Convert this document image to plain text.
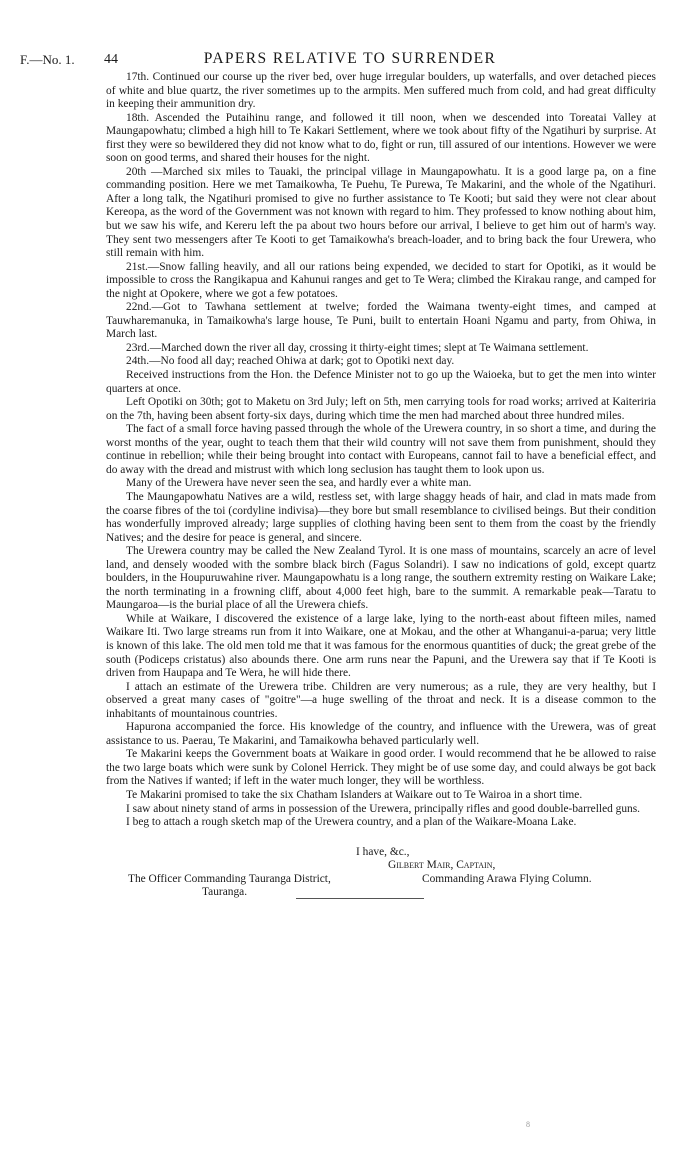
F.—No. 1. 44	PAPERS RELATIVE TO SURRENDER

17th. Continued our course up the river bed, over huge irregular boulders, up waterfalls, and over detached pieces of white and blue quartz, the river sometimes up to the armpits. Men suffered much from cold, and had great difficulty in keeping their ammunition dry.

18th. Ascended the Putaihinu range, and followed it till noon, when we descended into Toreatai Valley at Maungapowhatu; climbed a high hill to Te Kakari Settlement, where we took about fifty of the Ngatihuri by surprise. At first they were so bewildered they did not know what to do, fight or run, till assured of our intentions. However we were soon on good terms, and shared their houses for the night.

20th —Marched six miles to Tauaki, the principal village in Maungapowhatu. It is a good large pa, on a fine commanding position. Here we met Tamaikowha, Te Puehu, Te Purewa, Te Makarini, and the whole of the Ngatihuri. After a long talk, the Ngatihuri promised to give no further assistance to Te Kooti; but said they were not clear about Kereopa, as the word of the Government was not known with regard to him. They professed to know nothing about him, but we saw his wife, and Kereru left the pa about two hours before our arrival, I believe to get him out of harm's way. They sent two messengers after Te Kooti to get Tamaikowha's breach-loader, and to bring back the four Urewera, who still remain with him.

21st.—Snow falling heavily, and all our rations being expended, we decided to start for Opotiki, as it would be impossible to cross the Rangikapua and Kahunui ranges and get to Te Wera; climbed the Kirakau range, and camped for the night at Opokere, where we got a few potatoes.

22nd.—Got to Tawhana settlement at twelve; forded the Waimana twenty-eight times, and camped at Tauwharemanuka, in Tamaikowha's large house, Te Puni, built to entertain Hoani Ngamu and party, from Ohiwa, in March last.

23rd.—Marched down the river all day, crossing it thirty-eight times; slept at Te Waimana settlement.

24th.—No food all day; reached Ohiwa at dark; got to Opotiki next day.

Received instructions from the Hon. the Defence Minister not to go up the Waioeka, but to get the men into winter quarters at once.

Left Opotiki on 30th; got to Maketu on 3rd July; left on 5th, men carrying tools for road works; arrived at Kaiteriria on the 7th, having been absent forty-six days, during which time the men had marched about three hundred miles.

The fact of a small force having passed through the whole of the Urewera country, in so short a time, and during the worst months of the year, ought to teach them that their wild country will not save them from punishment, should they continue in rebellion; while their being brought into contact with Europeans, cannot fail to have a beneficial effect, and do away with the dread and mistrust with which long seclusion has taught them to look upon us.

Many of the Urewera have never seen the sea, and hardly ever a white man.

The Maungapowhatu Natives are a wild, restless set, with large shaggy heads of hair, and clad in mats made from the coarse fibres of the toi (cordyline indivisa)—they bore but small resemblance to civilised beings. But their condition has wonderfully improved already; large supplies of clothing having been sent to them from the coast by the friendly Natives; and the desire for peace is general, and sincere.

The Urewera country may be called the New Zealand Tyrol. It is one mass of mountains, scarcely an acre of level land, and densely wooded with the sombre black birch (Fagus Solandri). I saw no indications of gold, except quartz boulders, in the Houpuruwahine river. Maungapowhatu is a long range, the southern extremity resting on Waikare Lake; the north terminating in a frowning cliff, about 4,000 feet high, bare to the summit. A remarkable peak—Taratu to Maungaroa—is the burial place of all the Urewera chiefs.

While at Waikare, I discovered the existence of a large lake, lying to the north-east about fifteen miles, named Waikare Iti. Two large streams run from it into Waikare, one at Mokau, and the other at Whanganui-a-parua; very little is known of this lake. The old men told me that it was famous for the enormous quantities of duck; the great grebe of the south (Podiceps cristatus) also abounds there. One arm runs near the Papuni, and the Urewera say that if Te Kooti is driven from Haupapa and Te Wera, he will hide there.

I attach an estimate of the Urewera tribe. Children are very numerous; as a rule, they are very healthy, but I observed a great many cases of "goitre"—a huge swelling of the throat and neck. It is a disease common to the inhabitants of mountainous countries.

Hapurona accompanied the force. His knowledge of the country, and influence with the Urewera, was of great assistance to us. Paerau, Te Makarini, and Tamaikowha behaved particularly well.

Te Makarini keeps the Government boats at Waikare in good order. I would recommend that he be allowed to raise the two large boats which were sunk by Colonel Herrick. They might be of use some day, and could always be got back from the Natives if wanted; if left in the water much longer, they will be worthless.

Te Makarini promised to take the six Chatham Islanders at Waikare out to Te Wairoa in a short time.

I saw about ninety stand of arms in possession of the Urewera, principally rifles and good double-barrelled guns.

I beg to attach a rough sketch map of the Urewera country, and a plan of the Waikare-Moana Lake.

I have, &c.,
Gilbert Mair, Captain,
The Officer Commanding Tauranga District,	Commanding Arawa Flying Column.
Tauranga.
8
